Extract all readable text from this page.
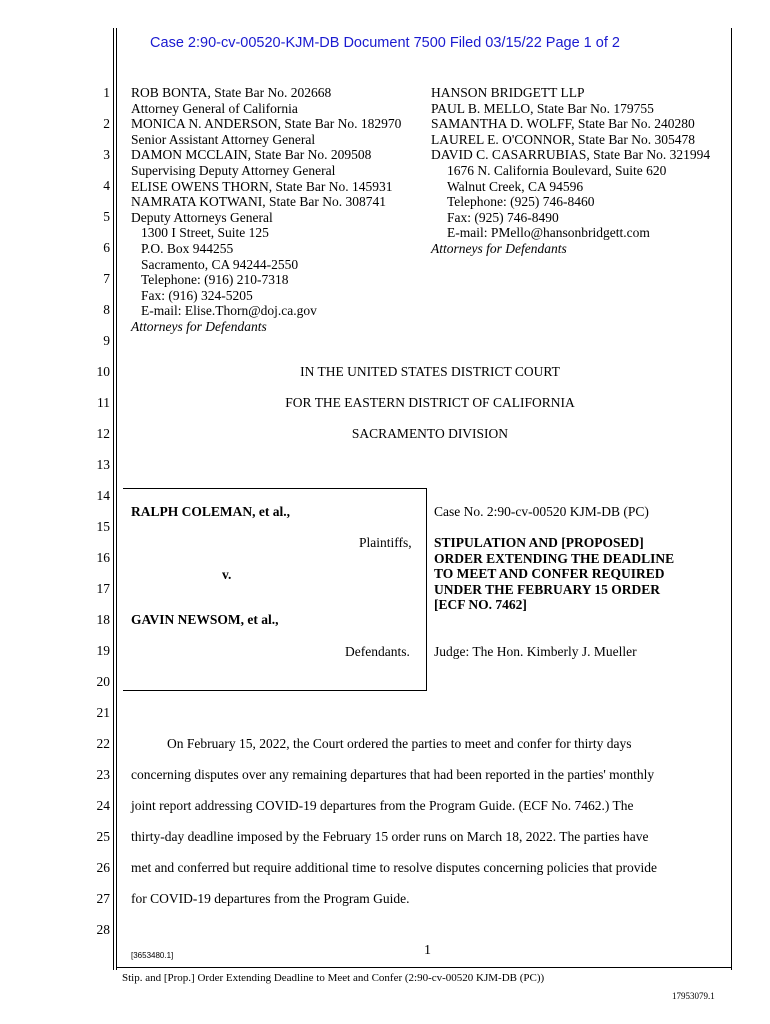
Case 2:90-cv-00520-KJM-DB Document 7500 Filed 03/15/22 Page 1 of 2
1
2
3
4
5
6
7
8
9
10
11
12
13
14
15
16
17
18
19
20
21
22
23
24
25
26
27
28
ROB BONTA, State Bar No. 202668
Attorney General of California
MONICA N. ANDERSON, State Bar No. 182970
Senior Assistant Attorney General
DAMON MCCLAIN, State Bar No. 209508
Supervising Deputy Attorney General
ELISE OWENS THORN, State Bar No. 145931
NAMRATA KOTWANI, State Bar No. 308741
Deputy Attorneys General
1300 I Street, Suite 125
P.O. Box 944255
Sacramento, CA 94244-2550
Telephone: (916) 210-7318
Fax: (916) 324-5205
E-mail: Elise.Thorn@doj.ca.gov
Attorneys for Defendants
HANSON BRIDGETT LLP
PAUL B. MELLO, State Bar No. 179755
SAMANTHA D. WOLFF, State Bar No. 240280
LAUREL E. O'CONNOR, State Bar No. 305478
DAVID C. CASARRUBIAS, State Bar No. 321994
1676 N. California Boulevard, Suite 620
Walnut Creek, CA 94596
Telephone: (925) 746-8460
Fax: (925) 746-8490
E-mail: PMello@hansonbridgett.com
Attorneys for Defendants
IN THE UNITED STATES DISTRICT COURT
FOR THE EASTERN DISTRICT OF CALIFORNIA
SACRAMENTO DIVISION
RALPH COLEMAN, et al.,
Plaintiffs,
v.
GAVIN NEWSOM, et al.,
Defendants.
Case No. 2:90-cv-00520 KJM-DB (PC)
STIPULATION AND [PROPOSED]
ORDER EXTENDING THE DEADLINE
TO MEET AND CONFER REQUIRED
UNDER THE FEBRUARY 15 ORDER
[ECF NO. 7462]
Judge: The Hon. Kimberly J. Mueller
On February 15, 2022, the Court ordered the parties to meet and confer for thirty days
concerning disputes over any remaining departures that had been reported in the parties' monthly
joint report addressing COVID-19 departures from the Program Guide. (ECF No. 7462.) The
thirty-day deadline imposed by the February 15 order runs on March 18, 2022. The parties have
met and conferred but require additional time to resolve disputes concerning policies that provide
for COVID-19 departures from the Program Guide.
[3653480.1]	1
Stip. and [Prop.] Order Extending Deadline to Meet and Confer (2:90-cv-00520 KJM-DB (PC))
17953079.1
